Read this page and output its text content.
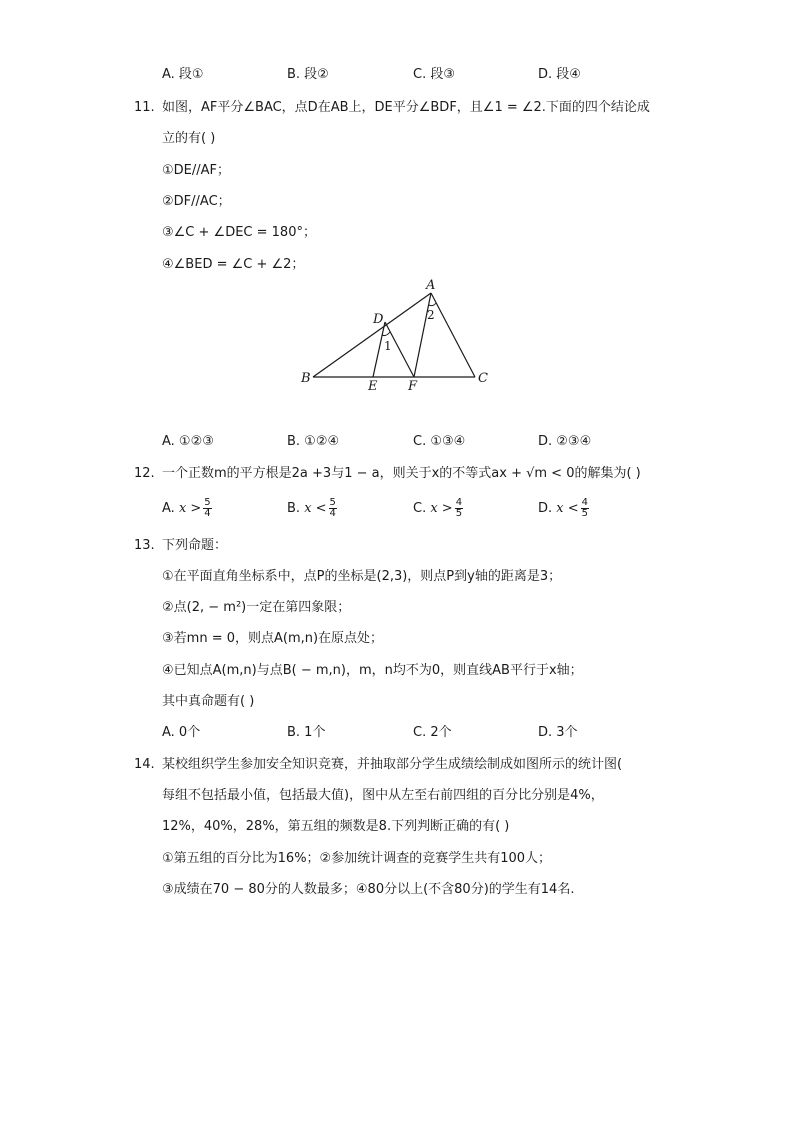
A. 段①	B. 段②	C. 段③	D. 段④
11. 如图，AF平分∠BAC，点D在AB上，DE平分∠BDF，且∠1 = ∠2.下面的四个结论成
立的有( )
①DE//AF；
②DF//AC；
③∠C + ∠DEC = 180°；
④∠BED = ∠C + ∠2；
A
B	C
D
E F
1
2
A. ①②③	B. ①②④	C. ①③④	D. ②③④
12. 一个正数m的平方根是2a +3与1 − a，则关于x的不等式ax + √m < 0的解集为( )
A. $x > \frac{5}{4}$	B. $x < \frac{5}{4}$	C. $x > \frac{4}{5}$	D. $x < \frac{4}{5}$
13. 下列命题：
①在平面直角坐标系中，点P的坐标是(2,3)，则点P到y轴的距离是3；
②点(2, − m²)一定在第四象限；
③若mn = 0，则点A(m,n)在原点处；
④已知点A(m,n)与点B( − m,n)，m，n均不为0，则直线AB平行于x轴；
其中真命题有( )
A. 0个	B. 1个	C. 2个	D. 3个
14. 某校组织学生参加安全知识竞赛，并抽取部分学生成绩绘制成如图所示的统计图(
每组不包括最小值，包括最大值)，图中从左至右前四组的百分比分别是4%，
12%，40%，28%，第五组的频数是8.下列判断正确的有( )
①第五组的百分比为16%；②参加统计调查的竞赛学生共有100人；
③成绩在70 − 80分的人数最多；④80分以上(不含80分)的学生有14名.
